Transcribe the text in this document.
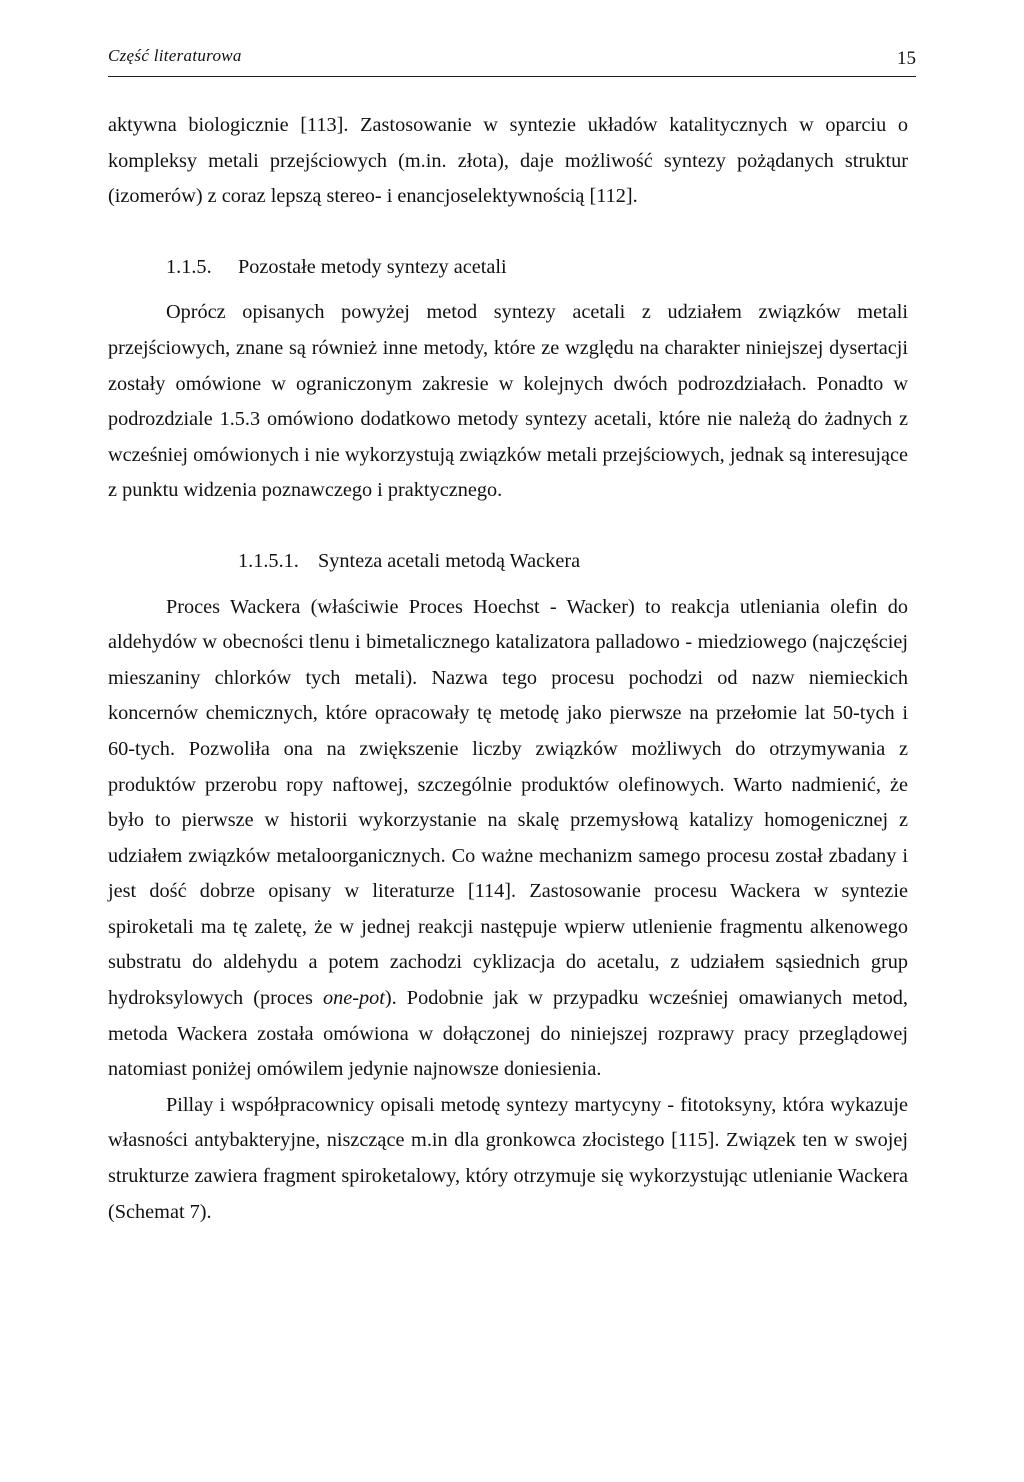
Część literaturowa	15

aktywna biologicznie [113]. Zastosowanie w syntezie układów katalitycznych w oparciu o kompleksy metali przejściowych (m.in. złota), daje możliwość syntezy pożądanych struktur (izomerów) z coraz lepszą stereo- i enancjoselektywnością [112].

1.1.5. Pozostałe metody syntezy acetali

Oprócz opisanych powyżej metod syntezy acetali z udziałem związków metali przejściowych, znane są również inne metody, które ze względu na charakter niniejszej dysertacji zostały omówione w ograniczonym zakresie w kolejnych dwóch podrozdziałach. Ponadto w podrozdziale 1.5.3 omówiono dodatkowo metody syntezy acetali, które nie należą do żadnych z wcześniej omówionych i nie wykorzystują związków metali przejściowych, jednak są interesujące z punktu widzenia poznawczego i praktycznego.

1.1.5.1. Synteza acetali metodą Wackera

Proces Wackera (właściwie Proces Hoechst - Wacker) to reakcja utleniania olefin do aldehydów w obecności tlenu i bimetalicznego katalizatora palladowo - miedziowego (najczęściej mieszaniny chlorków tych metali). Nazwa tego procesu pochodzi od nazw niemieckich koncernów chemicznych, które opracowały tę metodę jako pierwsze na przełomie lat 50-tych i 60-tych. Pozwoliła ona na zwiększenie liczby związków możliwych do otrzymywania z produktów przerobu ropy naftowej, szczególnie produktów olefinowych. Warto nadmienić, że było to pierwsze w historii wykorzystanie na skalę przemysłową katalizy homogenicznej z udziałem związków metaloorganicznych. Co ważne mechanizm samego procesu został zbadany i jest dość dobrze opisany w literaturze [114]. Zastosowanie procesu Wackera w syntezie spiroketali ma tę zaletę, że w jednej reakcji następuje wpierw utlenienie fragmentu alkenowego substratu do aldehydu a potem zachodzi cyklizacja do acetalu, z udziałem sąsiednich grup hydroksylowych (proces one-pot). Podobnie jak w przypadku wcześniej omawianych metod, metoda Wackera została omówiona w dołączonej do niniejszej rozprawy pracy przeglądowej natomiast poniżej omówilem jedynie najnowsze doniesienia.

Pillay i współpracownicy opisali metodę syntezy martycyny - fitotoksyny, która wykazuje własności antybakteryjne, niszczące m.in dla gronkowca złocistego [115]. Związek ten w swojej strukturze zawiera fragment spiroketalowy, który otrzymuje się wykorzystując utlenianie Wackera (Schemat 7).
